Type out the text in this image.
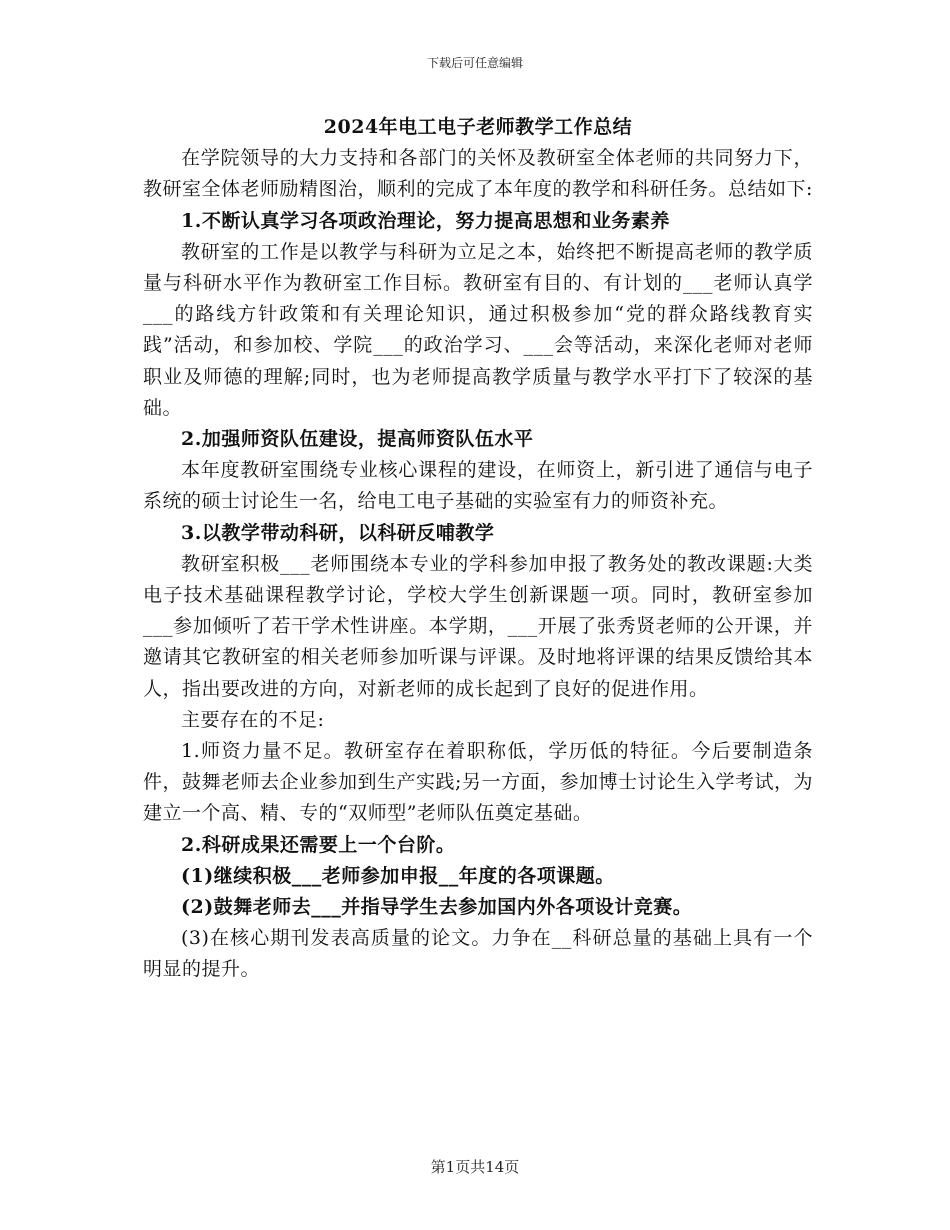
下载后可任意编辑
2024年电工电子老师教学工作总结
在学院领导的大力支持和各部门的关怀及教研室全体老师的共同努力下，教研室全体老师励精图治，顺利的完成了本年度的教学和科研任务。总结如下:
1.不断认真学习各项政治理论，努力提高思想和业务素养
教研室的工作是以教学与科研为立足之本，始终把不断提高老师的教学质量与科研水平作为教研室工作目标。教研室有目的、有计划的___老师认真学___的路线方针政策和有关理论知识，通过积极参加“党的群众路线教育实践”活动，和参加校、学院___的政治学习、___会等活动，来深化老师对老师职业及师德的理解;同时，也为老师提高教学质量与教学水平打下了较深的基础。
2.加强师资队伍建设，提高师资队伍水平
本年度教研室围绕专业核心课程的建设，在师资上，新引进了通信与电子系统的硕士讨论生一名，给电工电子基础的实验室有力的师资补充。
3.以教学带动科研，以科研反哺教学
教研室积极___老师围绕本专业的学科参加申报了教务处的教改课题:大类电子技术基础课程教学讨论，学校大学生创新课题一项。同时，教研室参加___参加倾听了若干学术性讲座。本学期，___开展了张秀贤老师的公开课，并邀请其它教研室的相关老师参加听课与评课。及时地将评课的结果反馈给其本人，指出要改进的方向，对新老师的成长起到了良好的促进作用。
主要存在的不足:
1.师资力量不足。教研室存在着职称低，学历低的特征。今后要制造条件，鼓舞老师去企业参加到生产实践;另一方面，参加博士讨论生入学考试，为建立一个高、精、专的“双师型”老师队伍奠定基础。
2.科研成果还需要上一个台阶。
(1)继续积极___老师参加申报__年度的各项课题。
(2)鼓舞老师去___并指导学生去参加国内外各项设计竞赛。
(3)在核心期刊发表高质量的论文。力争在__科研总量的基础上具有一个明显的提升。
第1页共14页
